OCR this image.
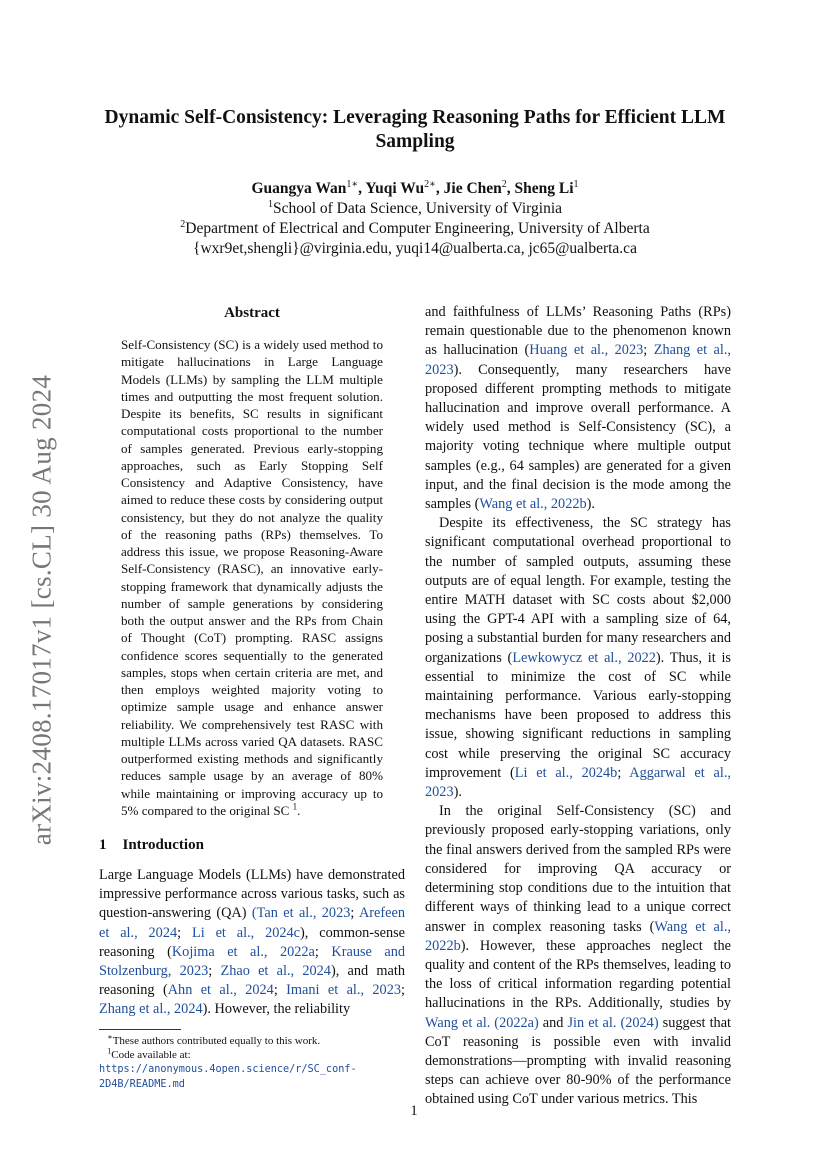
arXiv:2408.17017v1 [cs.CL] 30 Aug 2024
Dynamic Self-Consistency: Leveraging Reasoning Paths for Efficient LLM Sampling
Guangya Wan$^{1∗}$, Yuqi $Wu^{2∗}$, Jie Chen$^2$, Sheng Li$^1$
$^1$School of Data Science, University of Virginia
$^2$Department of Electrical and Computer Engineering, University of Alberta
{wxr9et,shengli}@virginia.edu, yuqi14@ualberta.ca, jc65@ualberta.ca
Abstract

Self-Consistency (SC) is a widely used method to mitigate hallucinations in Large Language Models (LLMs) by sampling the LLM multiple times and outputting the most frequent solution. Despite its benefits, SC results in significant computational costs proportional to the number of samples generated. Previous early-stopping approaches, such as Early Stopping Self Consistency and Adaptive Consistency, have aimed to reduce these costs by considering output consistency, but they do not analyze the quality of the reasoning paths (RPs) themselves. To address this issue, we propose Reasoning-Aware Self-Consistency (RASC), an innovative early-stopping framework that dynamically adjusts the number of sample generations by considering both the output answer and the RPs from Chain of Thought (CoT) prompting. RASC assigns confidence scores sequentially to the generated samples, stops when certain criteria are met, and then employs weighted majority voting to optimize sample usage and enhance answer reliability. We comprehensively test RASC with multiple LLMs across varied QA datasets. RASC outperformed existing methods and significantly reduces sample usage by an average of 80% while maintaining or improving accuracy up to 5% compared to the original SC $^1$.

1 Introduction

Large Language Models (LLMs) have demonstrated impressive performance across various tasks, such as question-answering (QA) (Tan et al., 2023; Arefeen et al., 2024; Li et al., 2024c), common-sense reasoning (Kojima et al., 2022a; Krause and Stolzenburg, 2023; Zhao et al., 2024), and math reasoning (Ahn et al., 2024; Imani et al., 2023; Zhang et al., 2024). However, the reliability

and faithfulness of LLMs’ Reasoning Paths (RPs) remain questionable due to the phenomenon known as hallucination (Huang et al., 2023; Zhang et al., 2023). Consequently, many researchers have proposed different prompting methods to mitigate hallucination and improve overall performance. A widely used method is Self-Consistency (SC), a majority voting technique where multiple output samples (e.g., 64 samples) are generated for a given input, and the final decision is the mode among the samples (Wang et al., 2022b).

Despite its effectiveness, the SC strategy has significant computational overhead proportional to the number of sampled outputs, assuming these outputs are of equal length. For example, testing the entire MATH dataset with SC costs about $2,000 using the GPT-4 API with a sampling size of 64, posing a substantial burden for many researchers and organizations (Lewkowycz et al., 2022). Thus, it is essential to minimize the cost of SC while maintaining performance. Various early-stopping mechanisms have been proposed to address this issue, showing significant reductions in sampling cost while preserving the original SC accuracy improvement (Li et al., 2024b; Aggarwal et al., 2023).

In the original Self-Consistency (SC) and previously proposed early-stopping variations, only the final answers derived from the sampled RPs were considered for improving QA accuracy or determining stop conditions due to the intuition that different ways of thinking lead to a unique correct answer in complex reasoning tasks (Wang et al., 2022b). However, these approaches neglect the quality and content of the RPs themselves, leading to the loss of critical information regarding potential hallucinations in the RPs. Additionally, studies by Wang et al. (2022a) and Jin et al. (2024) suggest that CoT reasoning is possible even with invalid demonstrations—prompting with invalid reasoning steps can achieve over 80-90% of the performance obtained using CoT under various metrics. This

∗These authors contributed equally to this work.

$^1$Code available at: https://anonymous.4open.science/r/SC_conf-2D4B/README.md

1
